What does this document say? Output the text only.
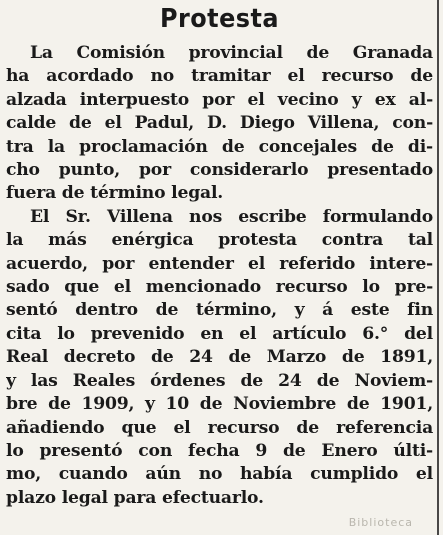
Protesta
La Comisión provincial de Granada
ha acordado no tramitar el recurso de
alzada interpuesto por el vecino y ex al-
calde de el Padul, D. Diego Villena, con-
tra la proclamación de concejales de di-
cho punto, por considerarlo presentado
fuera de término legal.
El Sr. Villena nos escribe formulando
la más enérgica protesta contra tal
acuerdo, por entender el referido intere-
sado que el mencionado recurso lo pre-
sentó dentro de término, y á este fin
cita lo prevenido en el artículo 6.° del
Real decreto de 24 de Marzo de 1891,
y las Reales órdenes de 24 de Noviem-
bre de 1909, y 10 de Noviembre de 1901,
añadiendo que el recurso de referencia
lo presentó con fecha 9 de Enero últi-
mo, cuando aún no había cumplido el
plazo legal para efectuarlo.
Biblioteca
